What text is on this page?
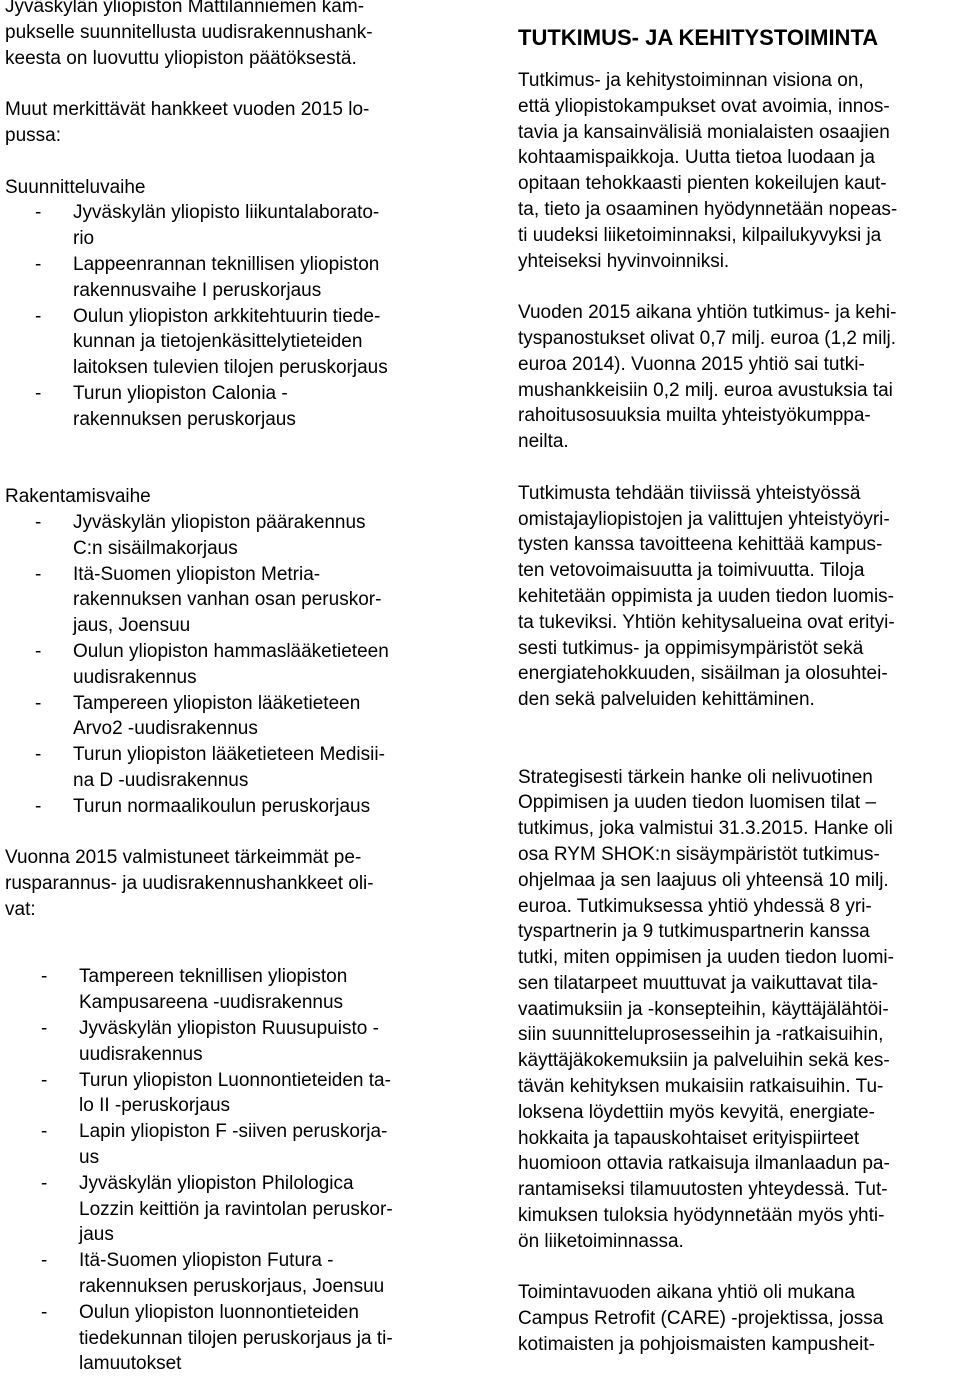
Jyväskylän yliopiston Mattilanniemen kam-
pukselle suunnitellusta uudisrakennushank-
keesta on luovuttu yliopiston päätöksestä.
Muut merkittävät hankkeet vuoden 2015 lo-
pussa:
Suunnitteluvaihe
- Jyväskylän yliopisto liikuntalaborato-
rio
- Lappeenrannan teknillisen yliopiston
rakennusvaihe I peruskorjaus
- Oulun yliopiston arkkitehtuurin tiede-
kunnan ja tietojenkäsittelytieteiden
laitoksen tulevien tilojen peruskorjaus
- Turun yliopiston Calonia -
rakennuksen peruskorjaus
Rakentamisvaihe
- Jyväskylän yliopiston päärakennus
C:n sisäilmakorjaus
- Itä-Suomen yliopiston Metria-
rakennuksen vanhan osan peruskor-
jaus, Joensuu
- Oulun yliopiston hammaslääketieteen
uudisrakennus
- Tampereen yliopiston lääketieteen
Arvo2 -uudisrakennus
- Turun yliopiston lääketieteen Medisii-
na D -uudisrakennus
- Turun normaalikoulun peruskorjaus
Vuonna 2015 valmistuneet tärkeimmät pe-
rusparannus- ja uudisrakennushankkeet oli-
vat:
- Tampereen teknillisen yliopiston
Kampusareena -uudisrakennus
- Jyväskylän yliopiston Ruusupuisto -
uudisrakennus
- Turun yliopiston Luonnontieteiden ta-
lo II -peruskorjaus
- Lapin yliopiston F -siiven peruskorja-
us
- Jyväskylän yliopiston Philologica
Lozzin keittiön ja ravintolan peruskor-
jaus
- Itä-Suomen yliopiston Futura -
rakennuksen peruskorjaus, Joensuu
- Oulun yliopiston luonnontieteiden
tiedekunnan tilojen peruskorjaus ja ti-
lamuutokset
TUTKIMUS- JA KEHITYSTOIMINTA
Tutkimus- ja kehitystoiminnan visiona on,
että yliopistokampukset ovat avoimia, innos-
tavia ja kansainvälisiä monialaisten osaajien
kohtaamispaikkoja. Uutta tietoa luodaan ja
opitaan tehokkaasti pienten kokeilujen kaut-
ta, tieto ja osaaminen hyödynnetään nopeas-
ti uudeksi liiketoiminnaksi, kilpailukyvyksi ja
yhteiseksi hyvinvoinniksi.
Vuoden 2015 aikana yhtiön tutkimus- ja kehi-
tyspanostukset olivat 0,7 milj. euroa (1,2 milj.
euroa 2014). Vuonna 2015 yhtiö sai tutki-
mushankkeisiin 0,2 milj. euroa avustuksia tai
rahoitusosuuksia muilta yhteistyökumppa-
neilta.
Tutkimusta tehdään tiiviissä yhteistyössä
omistajayliopistojen ja valittujen yhteistyöyri-
tysten kanssa tavoitteena kehittää kampus-
ten vetovoimaisuutta ja toimivuutta. Tiloja
kehitetään oppimista ja uuden tiedon luomis-
ta tukeviksi. Yhtiön kehitysalueina ovat erityi-
sesti tutkimus- ja oppimisympäristöt sekä
energiatehokkuuden, sisäilman ja olosuhtei-
den sekä palveluiden kehittäminen.
Strategisesti tärkein hanke oli nelivuotinen
Oppimisen ja uuden tiedon luomisen tilat –
tutkimus, joka valmistui 31.3.2015. Hanke oli
osa RYM SHOK:n sisäympäristöt tutkimus-
ohjelmaa ja sen laajuus oli yhteensä 10 milj.
euroa. Tutkimuksessa yhtiö yhdessä 8 yri-
tyspartnerin ja 9 tutkimuspartnerin kanssa
tutki, miten oppimisen ja uuden tiedon luomi-
sen tilatarpeet muuttuvat ja vaikuttavat tila-
vaatimuksiin ja -konsepteihin, käyttäjälähtöi-
siin suunnitteluprosesseihin ja -ratkaisuihin,
käyttäjäkokemuksiin ja palveluihin sekä kes-
tävän kehityksen mukaisiin ratkaisuihin. Tu-
loksena löydettiin myös kevyitä, energiate-
hokkaita ja tapauskohtaiset erityispiirteet
huomioon ottavia ratkaisuja ilmanlaadun pa-
rantamiseksi tilamuutosten yhteydessä. Tut-
kimuksen tuloksia hyödynnetään myös yhti-
ön liiketoiminnassa.
Toimintavuoden aikana yhtiö oli mukana
Campus Retrofit (CARE) -projektissa, jossa
kotimaisten ja pohjoismaisten kampusheit-
